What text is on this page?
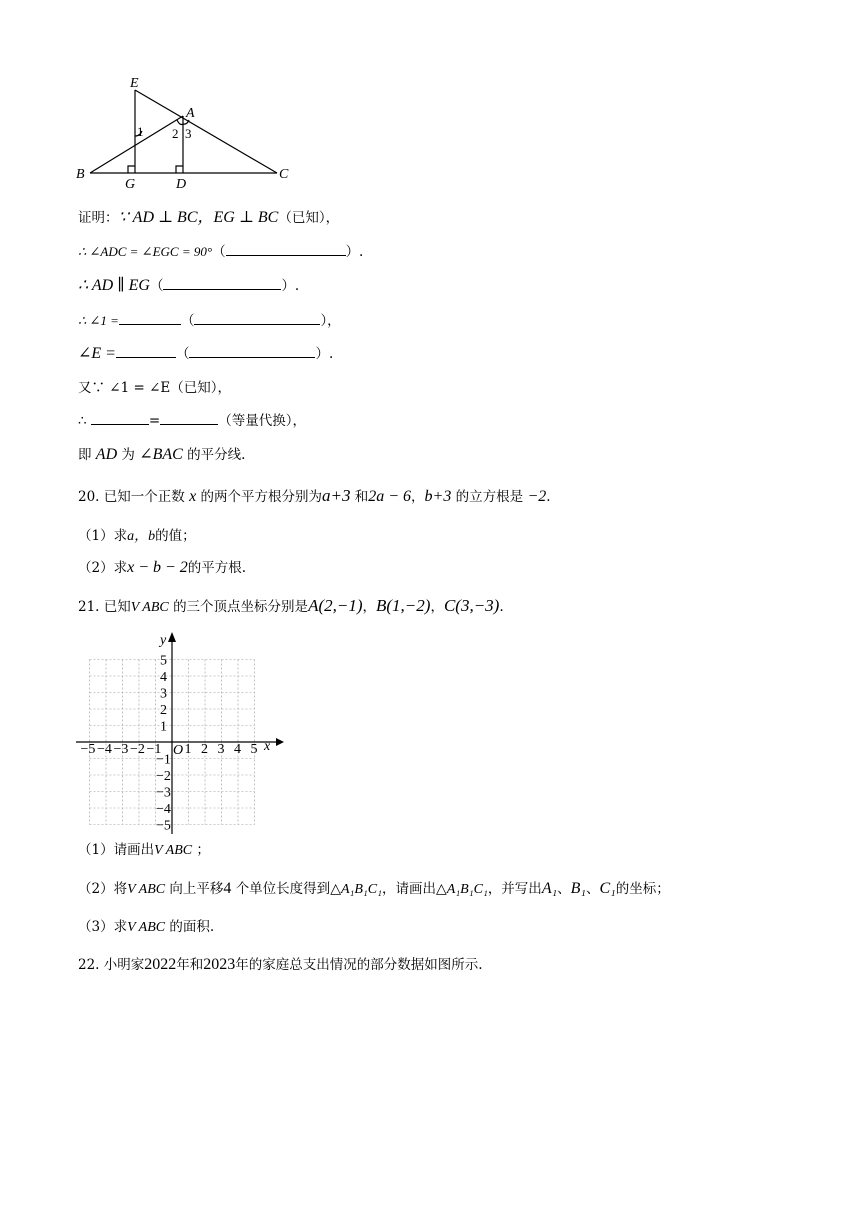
E
A
B	C
G	D
1 2 3
证明：∵ AD ⊥ BC，EG ⊥ BC（已知），
∴ ∠ADC = ∠EGC = 90°（	）.
∴ AD ∥ EG（	）.
∴ ∠1 =	（	），
∠E =	（	）.
又∵ ∠1 = ∠E（已知），
∴	=	（等量代换），
即 AD 为 ∠BAC 的平分线.
20. 已知一个正数 x 的两个平方根分别为a+3 和2a − 6，b+3 的立方根是 −2.
（1）求a，b的值；
（2）求x − b − 2的平方根.
21. 已知V ABC 的三个顶点坐标分别是A(2,−1)，B(1,−2)，C(3,−3).
x
y
O
−5 −4 −3 −2 −1 1 2 3 4 5
5
4
3
2
1
−1
−2
−3
−4
−5
（1）请画出V ABC ；
（2）将V ABC 向上平移4 个单位长度得到△A₁B₁C₁，请画出△A₁B₁C₁，并写出A₁、B₁、C₁的坐标；
（3）求V ABC 的面积.
22. 小明家2022年和2023年的家庭总支出情况的部分数据如图所示.
